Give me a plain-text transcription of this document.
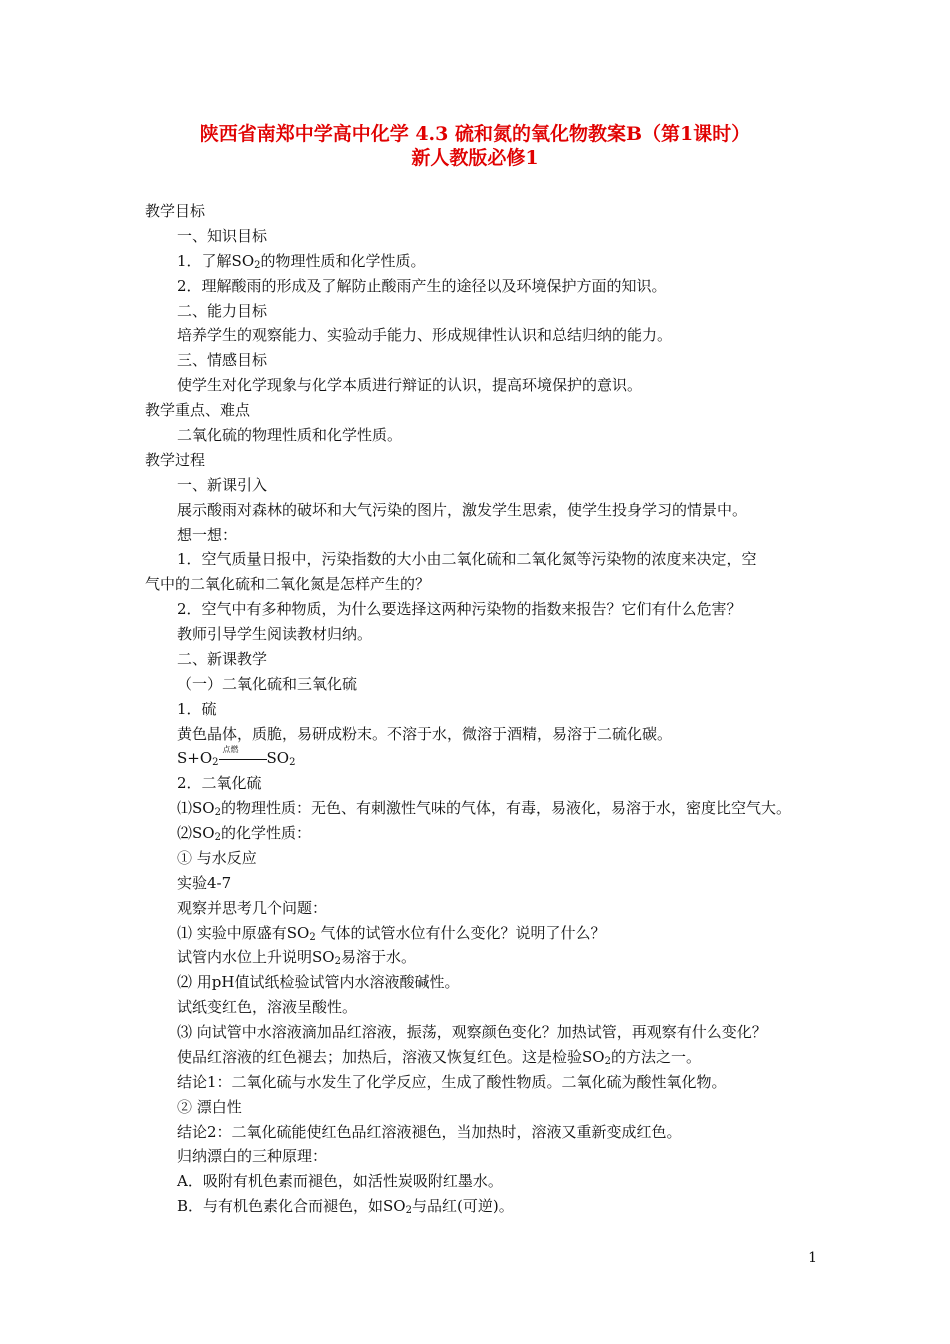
陕西省南郑中学高中化学 4.3 硫和氮的氧化物教案B（第1课时）
新人教版必修1
教学目标
一、知识目标
1．了解$SO_2$的物理性质和化学性质。
2．理解酸雨的形成及了解防止酸雨产生的途径以及环境保护方面的知识。
二、能力目标
培养学生的观察能力、实验动手能力、形成规律性认识和总结归纳的能力。
三、情感目标
使学生对化学现象与化学本质进行辩证的认识，提高环境保护的意识。
教学重点、难点
二氧化硫的物理性质和化学性质。
教学过程
一、新课引入
展示酸雨对森林的破坏和大气污染的图片，激发学生思索，使学生投身学习的情景中。
想一想：
1．空气质量日报中，污染指数的大小由二氧化硫和二氧化氮等污染物的浓度来决定，空
气中的二氧化硫和二氧化氮是怎样产生的？
2．空气中有多种物质，为什么要选择这两种污染物的指数来报告？它们有什么危害？
教师引导学生阅读教材归纳。
二、新课教学
（一）二氧化硫和三氧化硫
1．硫
黄色晶体，质脆，易研成粉末。不溶于水，微溶于酒精，易溶于二硫化碳。
$S+O_2$
点燃 $SO_2$
2．二氧化硫
$⑴SO_2$的物理性质：无色、有刺激性气味的气体，有毒，易液化，易溶于水，密度比空气大。
$⑵SO_2$的化学性质：
① 与水反应
实验4-7
观察并思考几个问题：
⑴ 实验中原盛有$SO_2$ 气体的试管水位有什么变化？说明了什么？
试管内水位上升说明$SO_2$易溶于水。
⑵ 用pH值试纸检验试管内水溶液酸碱性。
试纸变红色，溶液呈酸性。
⑶ 向试管中水溶液滴加品红溶液，振荡，观察颜色变化？加热试管，再观察有什么变化？
使品红溶液的红色褪去；加热后，溶液又恢复红色。这是检验$SO_2$的方法之一。
结论1：二氧化硫与水发生了化学反应，生成了酸性物质。二氧化硫为酸性氧化物。
② 漂白性
结论2：二氧化硫能使红色品红溶液褪色，当加热时，溶液又重新变成红色。
归纳漂白的三种原理：
A．吸附有机色素而褪色，如活性炭吸附红墨水。
B．与有机色素化合而褪色，如$SO_2$与品红(可逆)。
1
